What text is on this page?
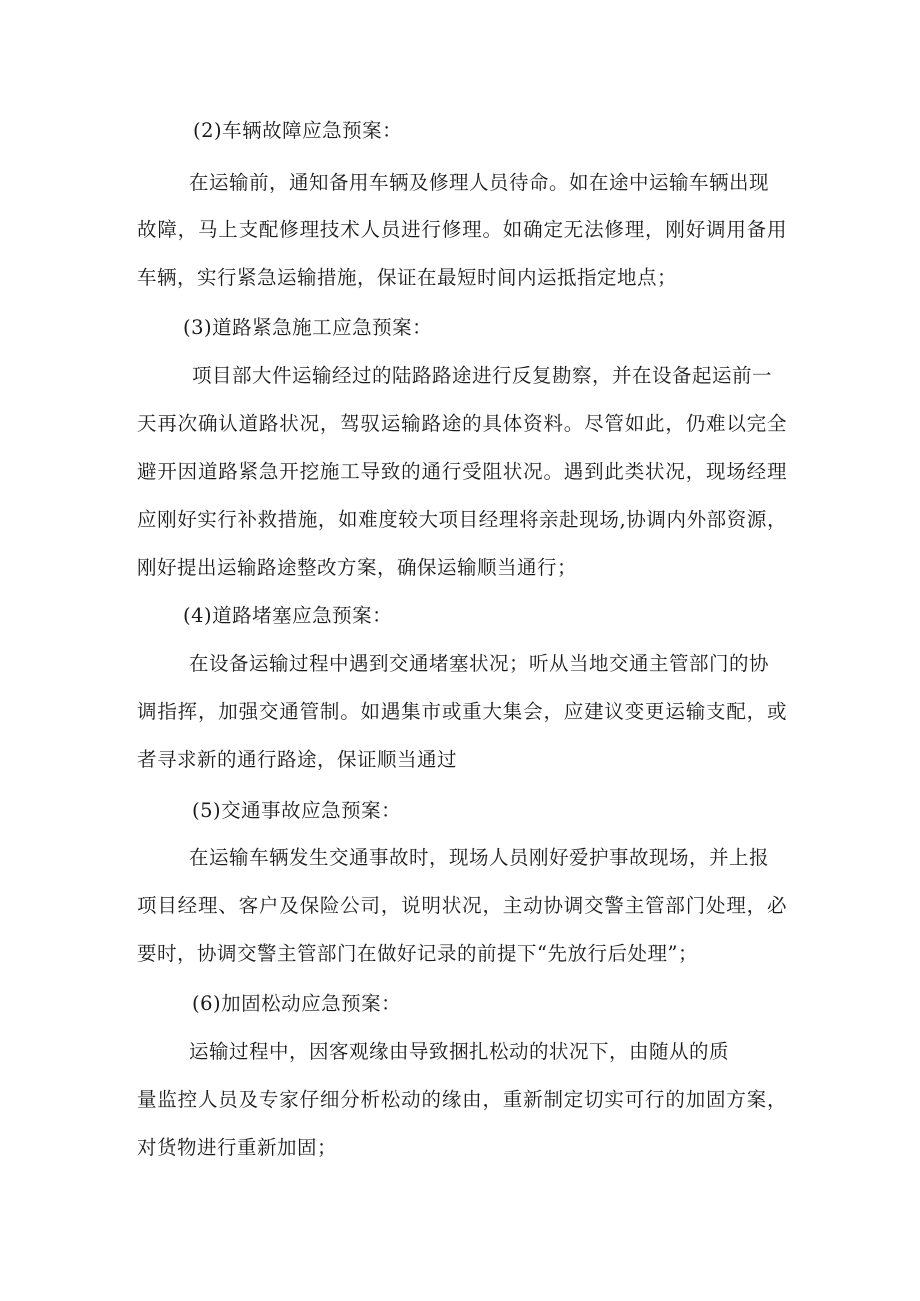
(2)车辆故障应急预案：
在运输前，通知备用车辆及修理人员待命。如在途中运输车辆出现
故障，马上支配修理技术人员进行修理。如确定无法修理，刚好调用备用
车辆，实行紧急运输措施，保证在最短时间内运抵指定地点；
(3)道路紧急施工应急预案：
项目部大件运输经过的陆路路途进行反复勘察，并在设备起运前一
天再次确认道路状况，驾驭运输路途的具体资料。尽管如此，仍难以完全
避开因道路紧急开挖施工导致的通行受阻状况。遇到此类状况，现场经理
应刚好实行补救措施，如难度较大项目经理将亲赴现场,协调内外部资源，
刚好提出运输路途整改方案，确保运输顺当通行；
(4)道路堵塞应急预案：
在设备运输过程中遇到交通堵塞状况；听从当地交通主管部门的协
调指挥，加强交通管制。如遇集市或重大集会，应建议变更运输支配，或
者寻求新的通行路途，保证顺当通过
(5)交通事故应急预案：
在运输车辆发生交通事故时，现场人员刚好爱护事故现场，并上报
项目经理、客户及保险公司，说明状况，主动协调交警主管部门处理，必
要时，协调交警主管部门在做好记录的前提下“先放行后处理”；
(6)加固松动应急预案：
运输过程中，因客观缘由导致捆扎松动的状况下，由随从的质
量监控人员及专家仔细分析松动的缘由，重新制定切实可行的加固方案，
对货物进行重新加固；
